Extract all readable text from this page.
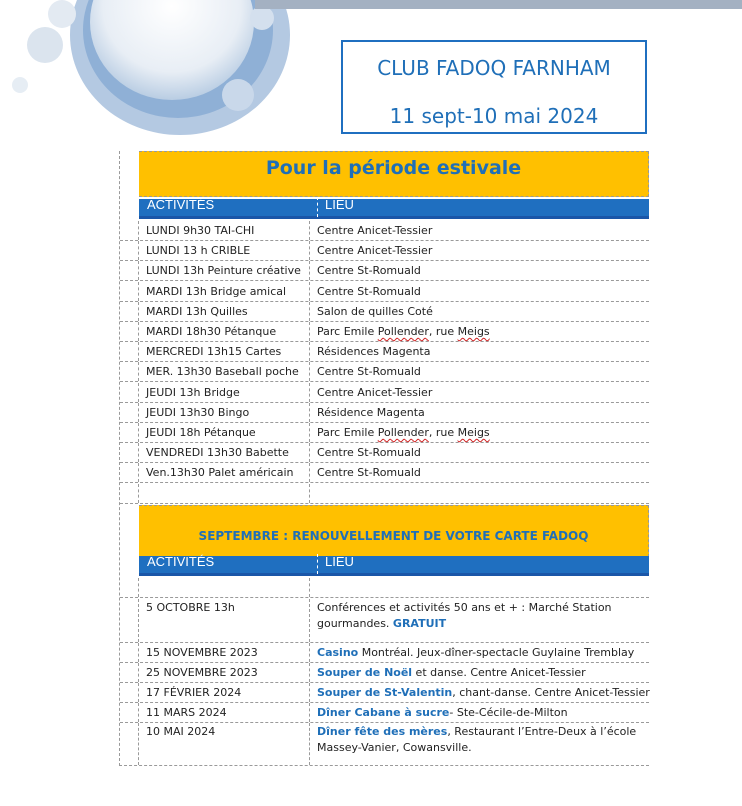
CLUB FADOQ FARNHAM
11 sept-10 mai 2024
Pour la période estivale
ACTIVITÉS	LIEU
LUNDI 9h30 TAI-CHI	Centre Anicet-Tessier
LUNDI 13 h CRIBLE	Centre Anicet-Tessier
LUNDI 13h Peinture créative	Centre St-Romuald
MARDI 13h Bridge amical	Centre St-Romuald
MARDI 13h Quilles	Salon de quilles Coté
MARDI 18h30 Pétanque	Parc Emile Pollender, rue Meigs
MERCREDI 13h15 Cartes	Résidences Magenta
MER. 13h30 Baseball poche	Centre St-Romuald
JEUDI 13h Bridge	Centre Anicet-Tessier
JEUDI 13h30 Bingo	Résidence Magenta
JEUDI 18h Pétanque	Parc Emile Pollender, rue Meigs
VENDREDI 13h30 Babette	Centre St-Romuald
Ven.13h30 Palet américain	Centre St-Romuald
SEPTEMBRE : RENOUVELLEMENT DE VOTRE CARTE FADOQ
ACTIVITÉS	LIEU
5 OCTOBRE 13h	Conférences et activités 50 ans et + : Marché Station gourmandes. GRATUIT
15 NOVEMBRE 2023	Casino Montréal. Jeux-dîner-spectacle Guylaine Tremblay
25 NOVEMBRE 2023	Souper de Noël et danse. Centre Anicet-Tessier
17 FÉVRIER 2024	Souper de St-Valentin, chant-danse. Centre Anicet-Tessier
11 MARS 2024	Dîner Cabane à sucre- Ste-Cécile-de-Milton
10 MAI 2024	Dîner fête des mères, Restaurant l’Entre-Deux à l’école Massey-Vanier, Cowansville.
